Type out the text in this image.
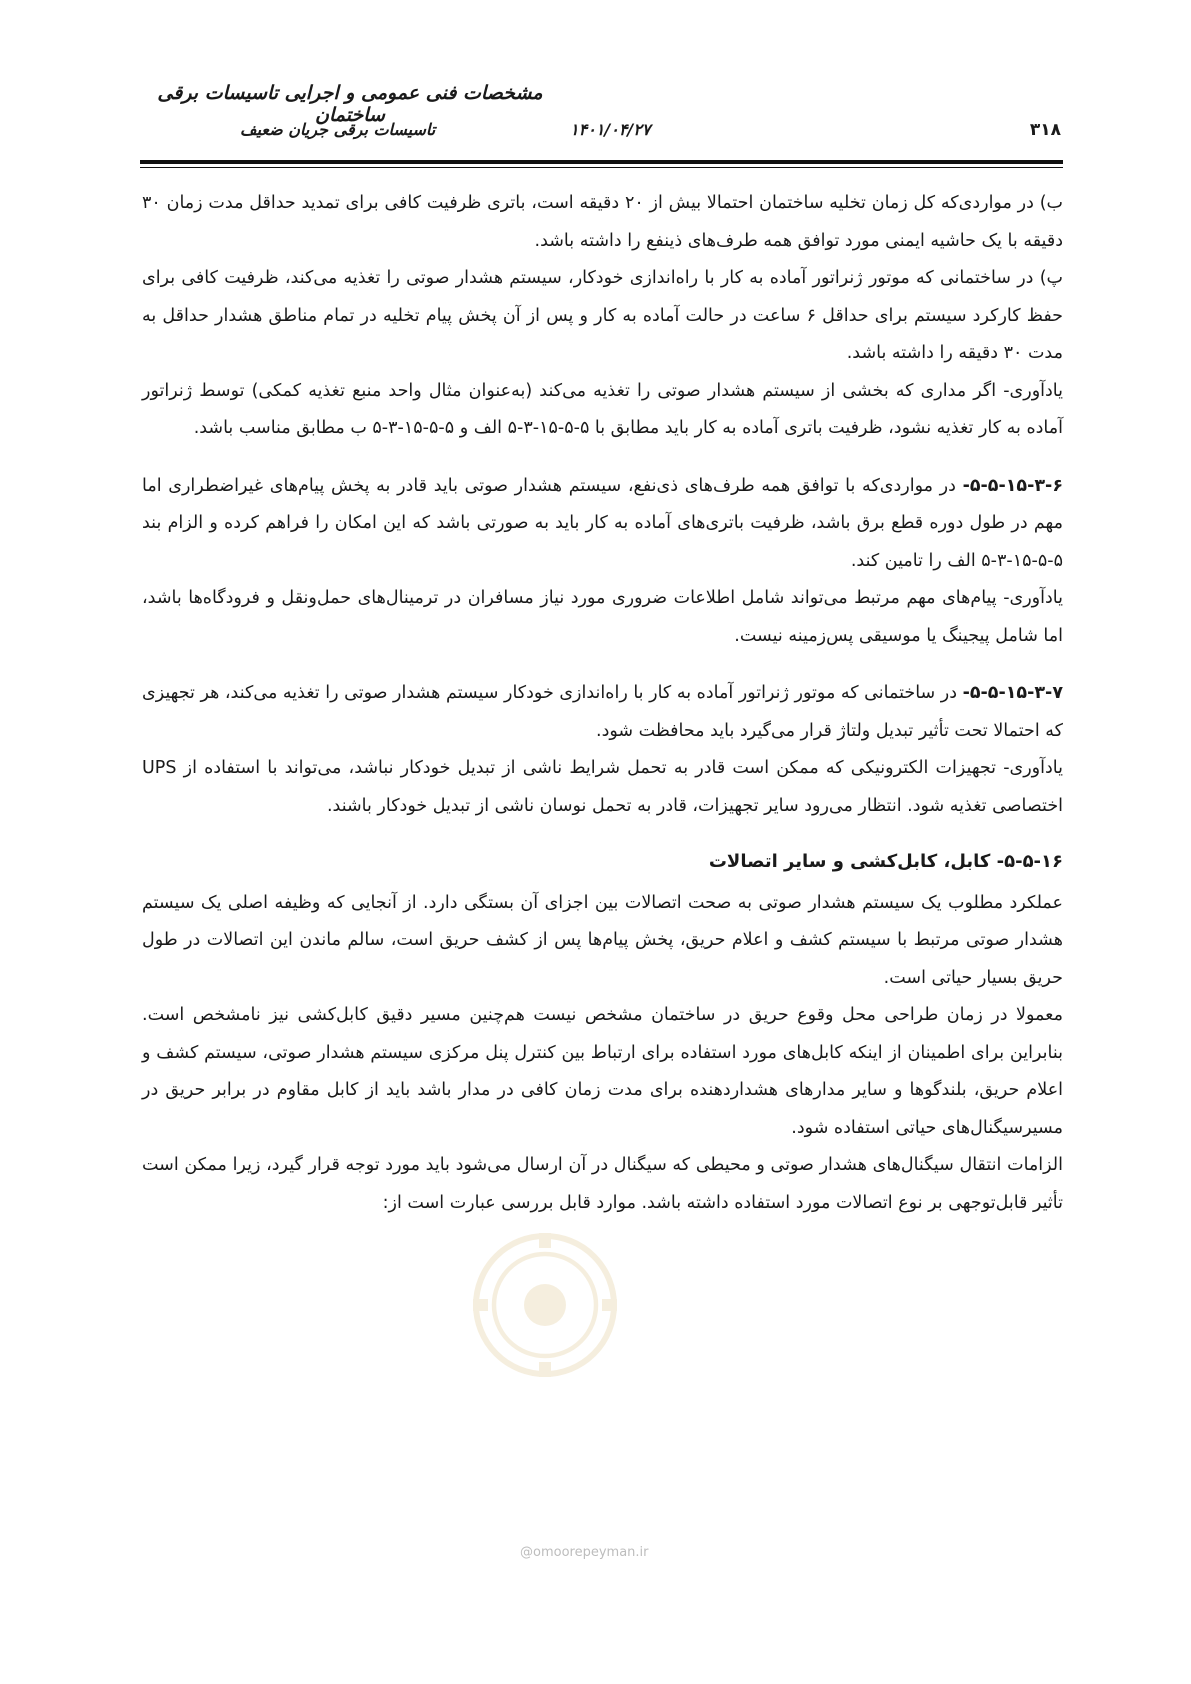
مشخصات فنی عمومی و اجرایی تاسیسات برقی ساختمان
تاسیسات برقی جریان ضعیف	۱۴۰۱/۰۴/۲۷	۳۱۸

ب) در مواردی‌که کل زمان تخلیه ساختمان احتمالا بیش از ۲۰ دقیقه است، باتری ظرفیت کافی برای تمدید حداقل مدت زمان ۳۰ دقیقه با یک حاشیه ایمنی مورد توافق همه طرف‌های ذینفع را داشته باشد.

پ) در ساختمانی که موتور ژنراتور آماده به کار با راه‌اندازی خودکار، سیستم هشدار صوتی را تغذیه می‌کند، ظرفیت کافی برای حفظ کارکرد سیستم برای حداقل ۶ ساعت در حالت آماده به کار و پس از آن پخش پیام تخلیه در تمام مناطق هشدار حداقل به مدت ۳۰ دقیقه را داشته باشد.

یادآوری- اگر مداری که بخشی از سیستم هشدار صوتی را تغذیه می‌کند (به‌عنوان مثال واحد منبع تغذیه کمکی) توسط ژنراتور آماده به کار تغذیه نشود، ظرفیت باتری آماده به کار باید مطابق با ۵-۵-۱۵-۳-۵ الف و ۵-۵-۱۵-۳-۵ ب مطابق مناسب باشد.

۵-۵-۱۵-۳-۶- در مواردی‌که با توافق همه طرف‌های ذی‌نفع، سیستم هشدار صوتی باید قادر به پخش پیام‌های غیراضطراری اما مهم در طول دوره قطع برق باشد، ظرفیت باتری‌های آماده به کار باید به صورتی باشد که این امکان را فراهم کرده و الزام بند ۵-۵-۱۵-۳-۵ الف را تامین کند.

یادآوری- پیام‌های مهم مرتبط می‌تواند شامل اطلاعات ضروری مورد نیاز مسافران در ترمینال‌های حمل‌ونقل و فرودگاه‌ها باشد، اما شامل پیجینگ یا موسیقی پس‌زمینه نیست.

۵-۵-۱۵-۳-۷- در ساختمانی که موتور ژنراتور آماده به کار با راه‌اندازی خودکار سیستم هشدار صوتی را تغذیه می‌کند، هر تجهیزی که احتمالا تحت تأثیر تبدیل ولتاژ قرار می‌گیرد باید محافظت شود.

یادآوری- تجهیزات الکترونیکی که ممکن است قادر به تحمل شرایط ناشی از تبدیل خودکار نباشد، می‌تواند با استفاده از UPS اختصاصی تغذیه شود. انتظار می‌رود سایر تجهیزات، قادر به تحمل نوسان ناشی از تبدیل خودکار باشند.

۵-۵-۱۶- کابل، کابل‌کشی و سایر اتصالات

عملکرد مطلوب یک سیستم هشدار صوتی به صحت اتصالات بین اجزای آن بستگی دارد. از آنجایی که وظیفه اصلی یک سیستم هشدار صوتی مرتبط با سیستم کشف و اعلام حریق، پخش پیام‌ها پس از کشف حریق است، سالم ماندن این اتصالات در طول حریق بسیار حیاتی است.

معمولا در زمان طراحی محل وقوع حریق در ساختمان مشخص نیست هم‌چنین مسیر دقیق کابل‌کشی نیز نامشخص است. بنابراین برای اطمینان از اینکه کابل‌های مورد استفاده برای ارتباط بین کنترل پنل مرکزی سیستم هشدار صوتی، سیستم کشف و اعلام حریق، بلندگوها و سایر مدارهای هشداردهنده برای مدت زمان کافی در مدار باشد باید از کابل مقاوم در برابر حریق در مسیرسیگنال‌های حیاتی استفاده شود.

الزامات انتقال سیگنال‌های هشدار صوتی و محیطی که سیگنال در آن ارسال می‌شود باید مورد توجه قرار گیرد، زیرا ممکن است تأثیر قابل‌توجهی بر نوع اتصالات مورد استفاده داشته باشد. موارد قابل بررسی عبارت است از:

@omoorepeyman.ir
